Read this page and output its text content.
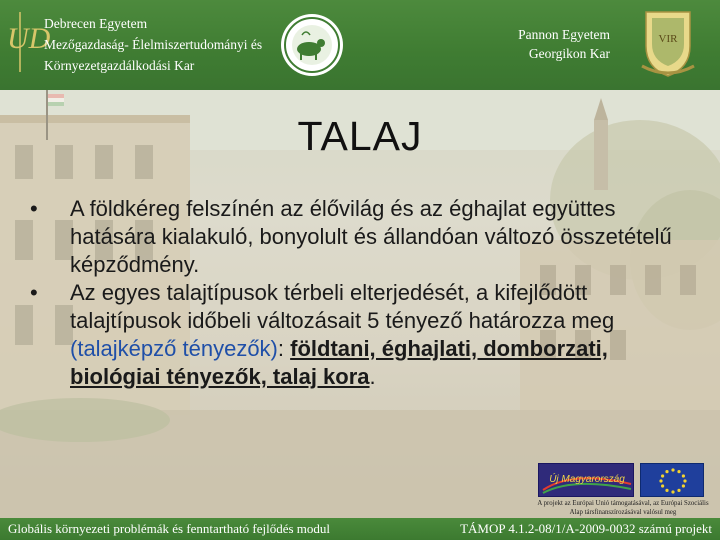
UD
Debrecen Egyetem
Mezőgazdaság- Élelmiszertudományi és
Környezetgazdálkodási Kar
Pannon Egyetem
Georgikon Kar
VIR
TALAJ
•	A földkéreg felszínén az élővilág és az éghajlat együttes hatására kialakuló, bonyolult és állandóan változó összetételű képződmény.
•	Az egyes talajtípusok térbeli elterjedését, a kifejlődött talajtípusok időbeli változásait 5 tényező határozza meg (talajképző tényezők): földtani, éghajlati, domborzati, biológiai tényezők, talaj kora.
Új Magyarország
A projekt az Európai Unió támogatásával, az Európai Szociális Alap társfinanszírozásával valósul meg
Globális környezeti problémák és fenntartható fejlődés modul	TÁMOP 4.1.2-08/1/A-2009-0032 számú projekt
